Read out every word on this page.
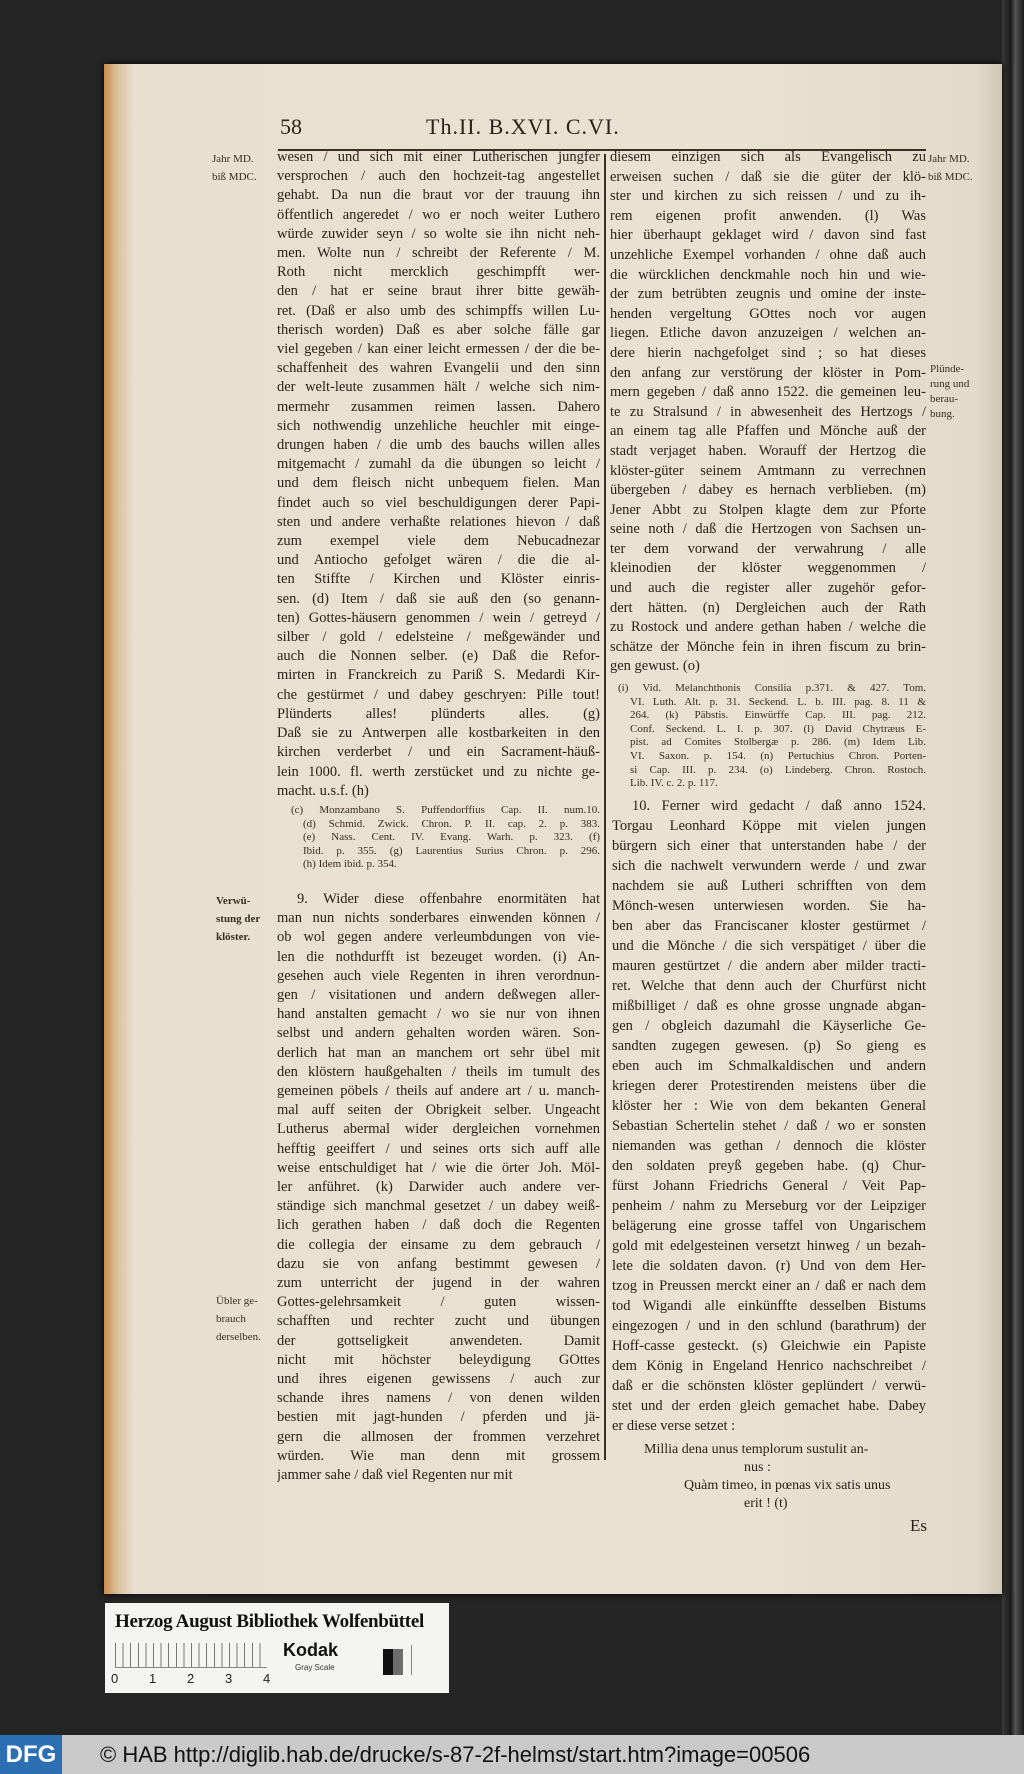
58	Th.II. B.XVI. C.VI.
wesen / und sich mit einer Lutherischen jungfer
versprochen / auch den hochzeit-tag angestellet
gehabt. Da nun die braut vor der trauung ihn
öffentlich angeredet / wo er noch weiter Luthero
würde zuwider seyn / so wolte sie ihn nicht neh-
men. Wolte nun / schreibt der Referente / M.
Roth nicht mercklich geschimpfft wer-
den / hat er seine braut ihrer bitte gewäh-
ret. (Daß er also umb des schimpffs willen Lu-
therisch worden) Daß es aber solche fälle gar
viel gegeben / kan einer leicht ermessen / der die be-
schaffenheit des wahren Evangelii und den sinn
der welt-leute zusammen hält / welche sich nim-
mermehr zusammen reimen lassen. Dahero
sich nothwendig unzehliche heuchler mit einge-
drungen haben / die umb des bauchs willen alles
mitgemacht / zumahl da die übungen so leicht /
und dem fleisch nicht unbequem fielen. Man
findet auch so viel beschuldigungen derer Papi-
sten und andere verhaßte relationes hievon / daß
zum exempel viele dem Nebucadnezar
und Antiocho gefolget wären / die die al-
ten Stiffte / Kirchen und Klöster einris-
sen. (d) Item / daß sie auß den (so genann-
ten) Gottes-häusern genommen / wein / getreyd /
silber / gold / edelsteine / meßgewänder und
auch die Nonnen selber. (e) Daß die Refor-
mirten in Franckreich zu Pariß S. Medardi Kir-
che gestürmet / und dabey geschryen: Pille tout!
Plünderts alles! plünderts alles. (g)
Daß sie zu Antwerpen alle kostbarkeiten in den
kirchen verderbet / und ein Sacrament-häuß-
lein 1000. fl. werth zerstücket und zu nichte ge-
macht. u.s.f. (h)
(c) Monzambano S. Puffendorffius Cap. II. num.10.
(d) Schmid. Zwick. Chron. P. II. cap. 2. p. 383.
(e) Nass. Cent. IV. Evang. Warh. p. 323. (f)
Ibid. p. 355. (g) Laurentius Surius Chron. p. 296.
(h) Idem ibid. p. 354.
9. Wider diese offenbahre enormitäten hat
man nun nichts sonderbares einwenden können /
ob wol gegen andere verleumbdungen von vie-
len die nothdurfft ist bezeuget worden. (i) An-
gesehen auch viele Regenten in ihren verordnun-
gen / visitationen und andern deßwegen aller-
hand anstalten gemacht / wo sie nur von ihnen
selbst und andern gehalten worden wären. Son-
derlich hat man an manchem ort sehr übel mit
den klöstern haußgehalten / theils im tumult des
gemeinen pöbels / theils auf andere art / u. manch-
mal auff seiten der Obrigkeit selber. Ungeacht
Lutherus abermal wider dergleichen vornehmen
hefftig geeiffert / und seines orts sich auff alle
weise entschuldiget hat / wie die örter Joh. Möl-
ler anführet. (k) Darwider auch andere ver-
ständige sich manchmal gesetzet / un dabey weiß-
lich gerathen haben / daß doch die Regenten
die collegia der einsame zu dem gebrauch /
dazu sie von anfang bestimmt gewesen /
zum unterricht der jugend in der wahren
Gottes-gelehrsamkeit / guten wissen-
schafften und rechter zucht und übungen
der gottseligkeit anwendeten. Damit
nicht mit höchster beleydigung GOttes
und ihres eigenen gewissens / auch zur
schande ihres namens / von denen wilden
bestien mit jagt-hunden / pferden und jä-
gern die allmosen der frommen verzehret
würden. Wie man denn mit grossem
jammer sahe / daß viel Regenten nur mit
diesem einzigen sich als Evangelisch zu
erweisen suchen / daß sie die güter der klö-
ster und kirchen zu sich reissen / und zu ih-
rem eigenen profit anwenden. (l) Was
hier überhaupt geklaget wird / davon sind fast
unzehliche Exempel vorhanden / ohne daß auch
die würcklichen denckmahle noch hin und wie-
der zum betrübten zeugnis und omine der inste-
henden vergeltung GOttes noch vor augen
liegen. Etliche davon anzuzeigen / welchen an-
dere hierin nachgefolget sind ; so hat dieses
den anfang zur verstörung der klöster in Pom-
mern gegeben / daß anno 1522. die gemeinen leu-
te zu Stralsund / in abwesenheit des Hertzogs /
an einem tag alle Pfaffen und Mönche auß der
stadt verjaget haben. Worauff der Hertzog die
klöster-güter seinem Amtmann zu verrechnen
übergeben / dabey es hernach verblieben. (m)
Jener Abbt zu Stolpen klagte dem zur Pforte
seine noth / daß die Hertzogen von Sachsen un-
ter dem vorwand der verwahrung / alle
kleinodien der klöster weggenommen /
und auch die register aller zugehör gefor-
dert hätten. (n) Dergleichen auch der Rath
zu Rostock und andere gethan haben / welche die
schätze der Mönche fein in ihren fiscum zu brin-
gen gewust. (o)
(i) Vid. Melanchthonis Consilia p.371. & 427. Tom.
VI. Luth. Alt. p. 31. Seckend. L. b. III. pag. 8. 11 &
264. (k) Päbstis. Einwürffe Cap. III. pag. 212.
Conf. Seckend. L. I. p. 307. (l) David Chytræus E-
pist. ad Comites Stolbergæ p. 286. (m) Idem Lib.
VI. Saxon. p. 154. (n) Pertuchius Chron. Porten-
si Cap. III. p. 234. (o) Lindeberg. Chron. Rostoch.
Lib. IV. c. 2. p. 117.
10. Ferner wird gedacht / daß anno 1524.
Torgau Leonhard Köppe mit vielen jungen
bürgern sich einer that unterstanden habe / der
sich die nachwelt verwundern werde / und zwar
nachdem sie auß Lutheri schrifften von dem
Mönch-wesen unterwiesen worden. Sie ha-
ben aber das Franciscaner kloster gestürmet /
und die Mönche / die sich verspätiget / über die
mauren gestürtzet / die andern aber milder tracti-
ret. Welche that denn auch der Churfürst nicht
mißbilliget / daß es ohne grosse ungnade abgan-
gen / obgleich dazumahl die Käyserliche Ge-
sandten zugegen gewesen. (p) So gieng es
eben auch im Schmalkaldischen und andern
kriegen derer Protestirenden meistens über die
klöster her : Wie von dem bekanten General
Sebastian Schertelin stehet / daß / wo er sonsten
niemanden was gethan / dennoch die klöster
den soldaten preyß gegeben habe. (q) Chur-
fürst Johann Friedrichs General / Veit Pap-
penheim / nahm zu Merseburg vor der Leipziger
belägerung eine grosse taffel von Ungarischem
gold mit edelgesteinen versetzt hinweg / un bezah-
lete die soldaten davon. (r) Und von dem Her-
tzog in Preussen merckt einer an / daß er nach dem
tod Wigandi alle einkünffte desselben Bistums
eingezogen / und in den schlund (barathrum) der
Hoff-casse gesteckt. (s) Gleichwie ein Papiste
dem König in Engeland Henrico nachschreibet /
daß er die schönsten klöster geplündert / verwü-
stet und der erden gleich gemachet habe. Dabey
er diese verse setzet :
Millia dena unus templorum sustulit an-
nus :
Quàm timeo, in pœnas vix satis unus
erit ! (t)
Es
Jahr MD.
biß MDC.
Jahr MD.
biß MDC.
Verwü-
stung der
klöster.
Übler ge-
brauch
derselben.
Plünde-
rung und
berau-
bung.
Herzog August Bibliothek Wolfenbüttel
0 1 2 3 4
Kodak
Gray Scale
DFG © HAB http://diglib.hab.de/drucke/s-87-2f-helmst/start.htm?image=00506
